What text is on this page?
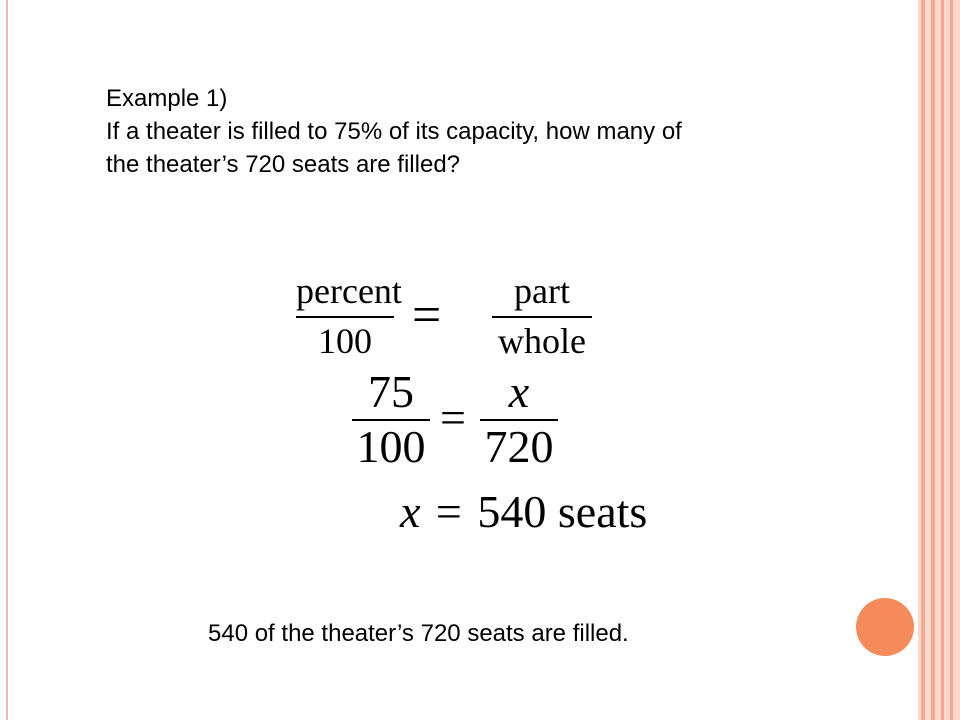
Example 1)
If a theater is filled to 75% of its capacity, how many of
the theater’s 720 seats are filled?
percent
100 =	part
whole
75
100
=
x
720
x = 540 seats
540 of the theater’s 720 seats are filled.
